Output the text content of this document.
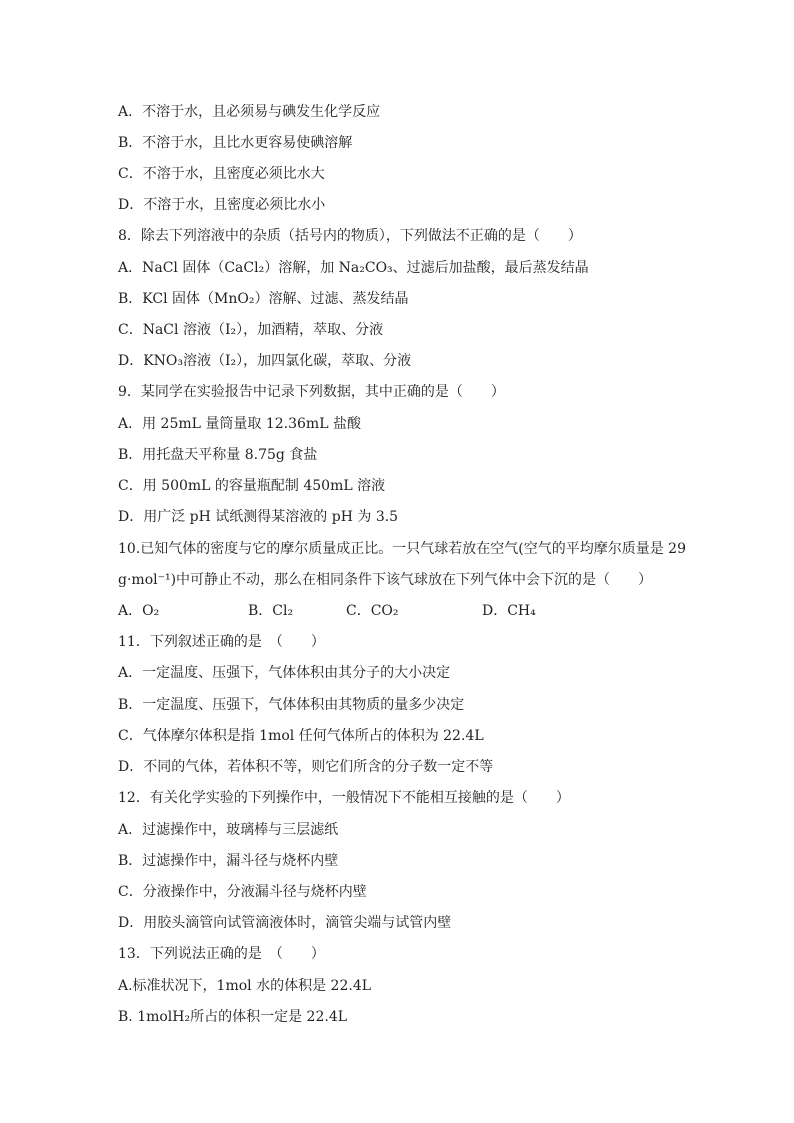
A．不溶于水，且必须易与碘发生化学反应
B．不溶于水，且比水更容易使碘溶解
C．不溶于水，且密度必须比水大
D．不溶于水，且密度必须比水小
8．除去下列溶液中的杂质（括号内的物质），下列做法不正确的是（　　）
A．NaCl 固体（CaCl₂）溶解，加 Na₂CO₃、过滤后加盐酸，最后蒸发结晶
B．KCl 固体（MnO₂）溶解、过滤、蒸发结晶
C．NaCl 溶液（I₂），加酒精，萃取、分液
D．KNO₃溶液（I₂），加四氯化碳，萃取、分液
9．某同学在实验报告中记录下列数据，其中正确的是（　　）
A．用 25mL 量筒量取 12.36mL 盐酸
B．用托盘天平称量 8.75g 食盐
C．用 500mL 的容量瓶配制 450mL 溶液
D．用广泛 pH 试纸测得某溶液的 pH 为 3.5
10.已知气体的密度与它的摩尔质量成正比。一只气球若放在空气(空气的平均摩尔质量是 29
g·mol⁻¹)中可静止不动，那么在相同条件下该气球放在下列气体中会下沉的是（　　）
A．O₂	B．Cl₂	C．CO₂	D．CH₄
11．下列叙述正确的是　（　　）
A．一定温度、压强下，气体体积由其分子的大小决定
B．一定温度、压强下，气体体积由其物质的量多少决定
C．气体摩尔体积是指 1mol 任何气体所占的体积为 22.4L
D．不同的气体，若体积不等，则它们所含的分子数一定不等
12．有关化学实验的下列操作中，一般情况下不能相互接触的是（　　）
A．过滤操作中，玻璃棒与三层滤纸
B．过滤操作中，漏斗径与烧杯内壁
C．分液操作中，分液漏斗径与烧杯内壁
D．用胶头滴管向试管滴液体时，滴管尖端与试管内壁
13．下列说法正确的是　（　　）
A.标准状况下，1mol 水的体积是 22.4L
B. 1molH₂所占的体积一定是 22.4L
